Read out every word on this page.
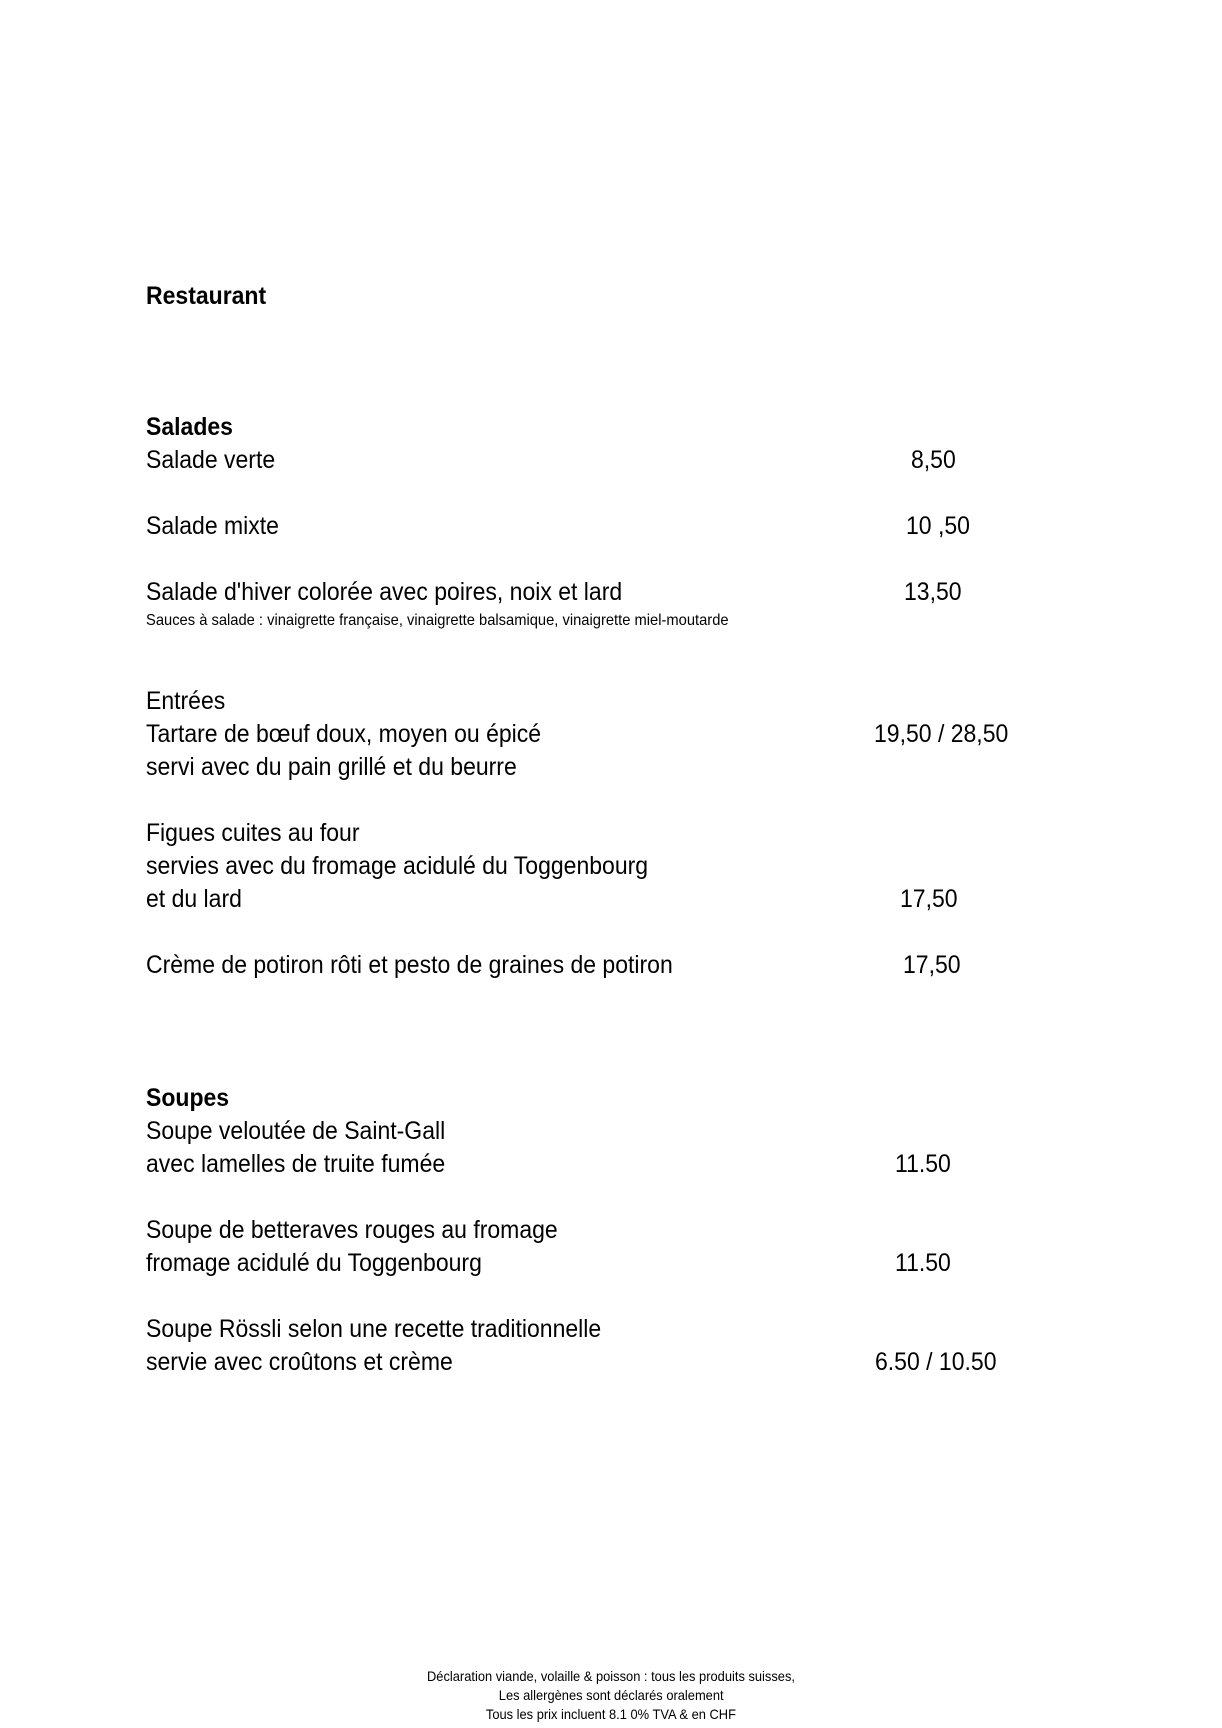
Restaurant
Salades
Salade verte	8,50
Salade mixte	10 ,50
Salade d'hiver colorée avec poires, noix et lard	13,50
Sauces à salade : vinaigrette française, vinaigrette balsamique, vinaigrette miel-moutarde
Entrées
Tartare de bœuf doux, moyen ou épicé	19,50 / 28,50
servi avec du pain grillé et du beurre
Figues cuites au four
servies avec du fromage acidulé du Toggenbourg
et du lard	17,50
Crème de potiron rôti et pesto de graines de potiron	17,50
Soupes
Soupe veloutée de Saint-Gall
avec lamelles de truite fumée	11.50
Soupe de betteraves rouges au fromage
fromage acidulé du Toggenbourg	11.50
Soupe Rössli selon une recette traditionnelle
servie avec croûtons et crème	6.50 / 10.50
Déclaration viande, volaille & poisson : tous les produits suisses,
Les allergènes sont déclarés oralement
Tous les prix incluent 8.1 0% TVA & en CHF
